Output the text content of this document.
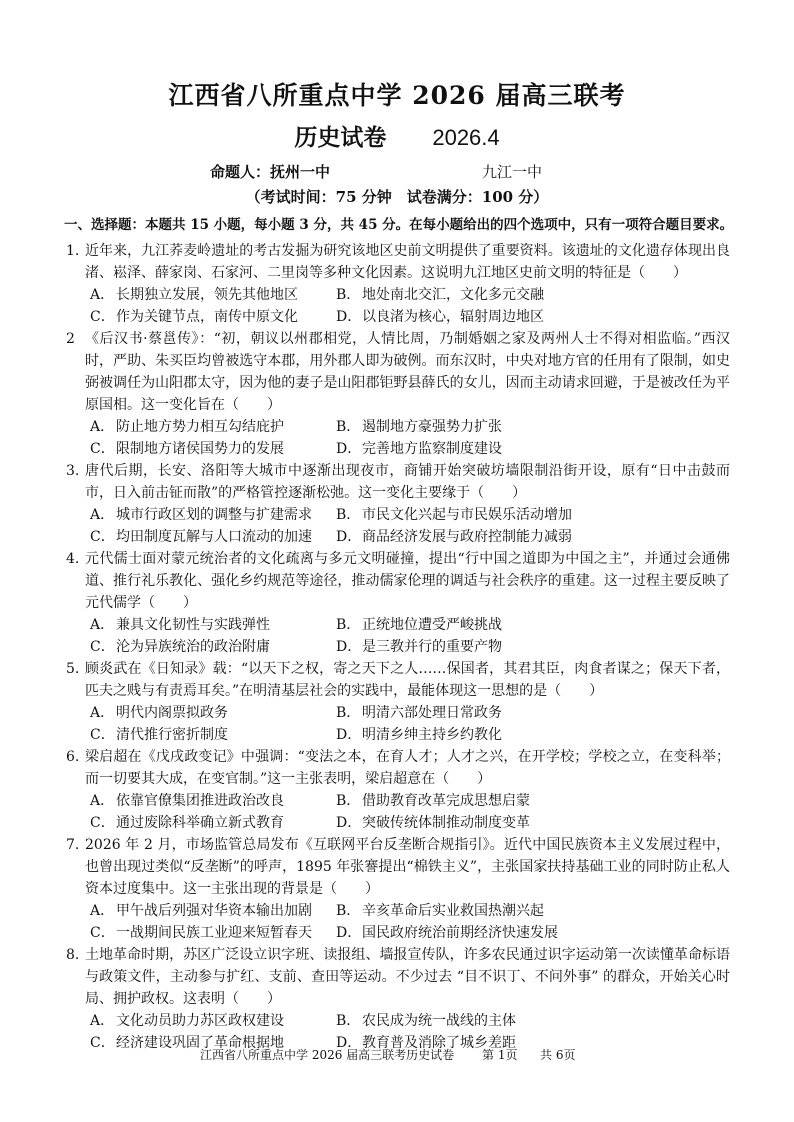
江西省八所重点中学 2026 届高三联考
历史试卷 2026.4
命题人：抚州一中	九江一中
（考试时间：75 分钟　试卷满分：100 分）
一、选择题：本题共 15 小题，每小题 3 分，共 45 分。在每小题给出的四个选项中，只有一项符合题目要求。
1. 近年来，九江荞麦岭遗址的考古发掘为研究该地区史前文明提供了重要资料。该遗址的文化遗存体现出良渚、崧泽、薛家岗、石家河、二里岗等多种文化因素。这说明九江地区史前文明的特征是（　　）
A． 长期独立发展，领先其他地区	B． 地处南北交汇，文化多元交融
C．作为关键节点，南传中原文化	D．以良渚为核心，辐射周边地区
2 《后汉书·蔡邕传》：“初，朝议以州郡相党，人情比周，乃制婚姻之家及两州人士不得对相监临。”西汉时，严助、朱买臣均曾被选守本郡，用外郡人即为破例。而东汉时，中央对地方官的任用有了限制，如史弼被调任为山阳郡太守，因为他的妻子是山阳郡钜野县薛氏的女儿，因而主动请求回避，于是被改任为平原国相。这一变化旨在（　　）
A． 防止地方势力相互勾结庇护	B． 遏制地方豪强势力扩张
C．限制地方诸侯国势力的发展	D．完善地方监察制度建设
3. 唐代后期，长安、洛阳等大城市中逐渐出现夜市，商铺开始突破坊墙限制沿街开设，原有“日中击鼓而市，日入前击钲而散”的严格管控逐渐松弛。这一变化主要缘于（　　）
A． 城市行政区划的调整与扩建需求 B． 市民文化兴起与市民娱乐活动增加
C．均田制度瓦解与人口流动的加速 D．商品经济发展与政府控制能力减弱
4. 元代儒士面对蒙元统治者的文化疏离与多元文明碰撞，提出“行中国之道即为中国之主”，并通过会通佛道、推行礼乐教化、强化乡约规范等途径，推动儒家伦理的调适与社会秩序的重建。这一过程主要反映了元代儒学（　　）
A． 兼具文化韧性与实践弹性	B． 正统地位遭受严峻挑战
C．沦为异族统治的政治附庸	D．是三教并行的重要产物
5. 顾炎武在《日知录》载：“以天下之权，寄之天下之人……保国者，其君其臣，肉食者谋之；保天下者，匹夫之贱与有责焉耳矣。”在明清基层社会的实践中，最能体现这一思想的是（　　）
A． 明代内阁票拟政务	B． 明清六部处理日常政务
C．清代推行密折制度	D．明清乡绅主持乡约教化
6. 梁启超在《戊戌政变记》中强调：“变法之本，在育人才；人才之兴，在开学校；学校之立，在变科举；而一切要其大成，在变官制。”这一主张表明，梁启超意在（　　）
A． 依靠官僚集团推进政治改良	B． 借助教育改革完成思想启蒙
C．通过废除科举确立新式教育	D．突破传统体制推动制度变革
7. 2026 年 2 月，市场监管总局发布《互联网平台反垄断合规指引》。近代中国民族资本主义发展过程中，也曾出现过类似“反垄断”的呼声，1895 年张謇提出“棉铁主义”，主张国家扶持基础工业的同时防止私人资本过度集中。这一主张出现的背景是（　　）
A． 甲午战后列强对华资本输出加剧 B． 辛亥革命后实业救国热潮兴起
C．一战期间民族工业迎来短暂春天 D．国民政府统治前期经济快速发展
8. 土地革命时期，苏区广泛设立识字班、读报组、墙报宣传队，许多农民通过识字运动第一次读懂革命标语与政策文件，主动参与扩红、支前、查田等运动。不少过去 “目不识丁、不问外事” 的群众，开始关心时局、拥护政权。这表明（　　）
A． 文化动员助力苏区政权建设	B． 农民成为统一战线的主体
C．经济建设巩固了革命根据地	D．教育普及消除了城乡差距
江西省八所重点中学 2026 届高三联考历史试卷 第 1页 共 6页
